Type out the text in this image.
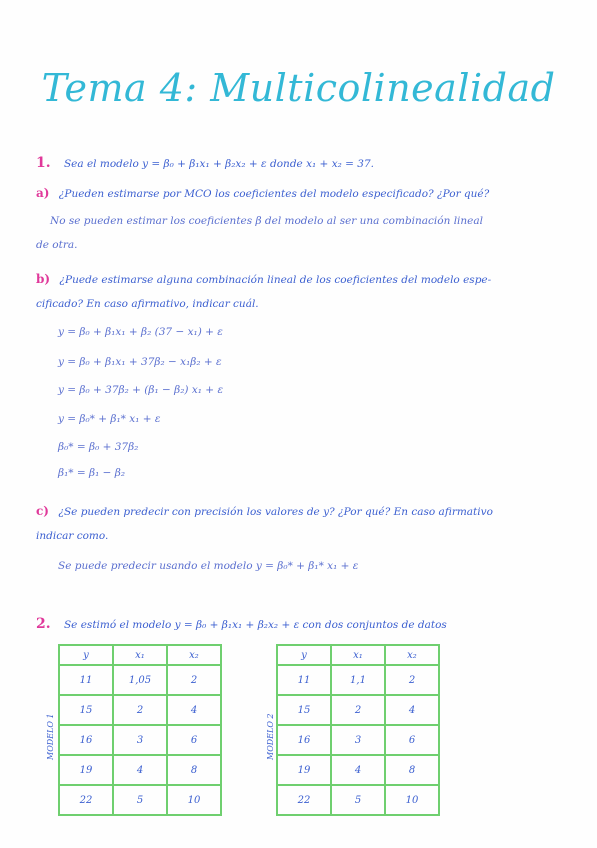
Tema 4: Multicolinealidad
1. Sea el modelo y = β₀ + β₁x₁ + β₂x₂ + ε donde x₁ + x₂ = 37.
a) ¿Pueden estimarse por MCO los coeficientes del modelo especificado? ¿Por qué?
No se pueden estimar los coeficientes β del modelo al ser una combinación lineal
de otra.
b) ¿Puede estimarse alguna combinación lineal de los coeficientes del modelo espe-
cificado? En caso afirmativo, indicar cuál.
y = β₀ + β₁x₁ + β₂ (37 − x₁) + ε
y = β₀ + β₁x₁ + 37β₂ − x₁β₂ + ε
y = β₀ + 37β₂ + (β₁ − β₂) x₁ + ε
y = β₀* + β₁* x₁ + ε
β₀* = β₀ + 37β₂
β₁* = β₁ − β₂
c) ¿Se pueden predecir con precisión los valores de y? ¿Por qué? En caso afirmativo
indicar como.
Se puede predecir usando el modelo y = β₀* + β₁* x₁ + ε
2. Se estimó el modelo y = β₀ + β₁x₁ + β₂x₂ + ε con dos conjuntos de datos
MODELO 1
y	x₁	x₂
11	1,05	2
15	2	4
16	3	6
19	4	8
22	5	10
MODELO 2
y	x₁	x₂
11	1,1	2
15	2	4
16	3	6
19	4	8
22	5	10
